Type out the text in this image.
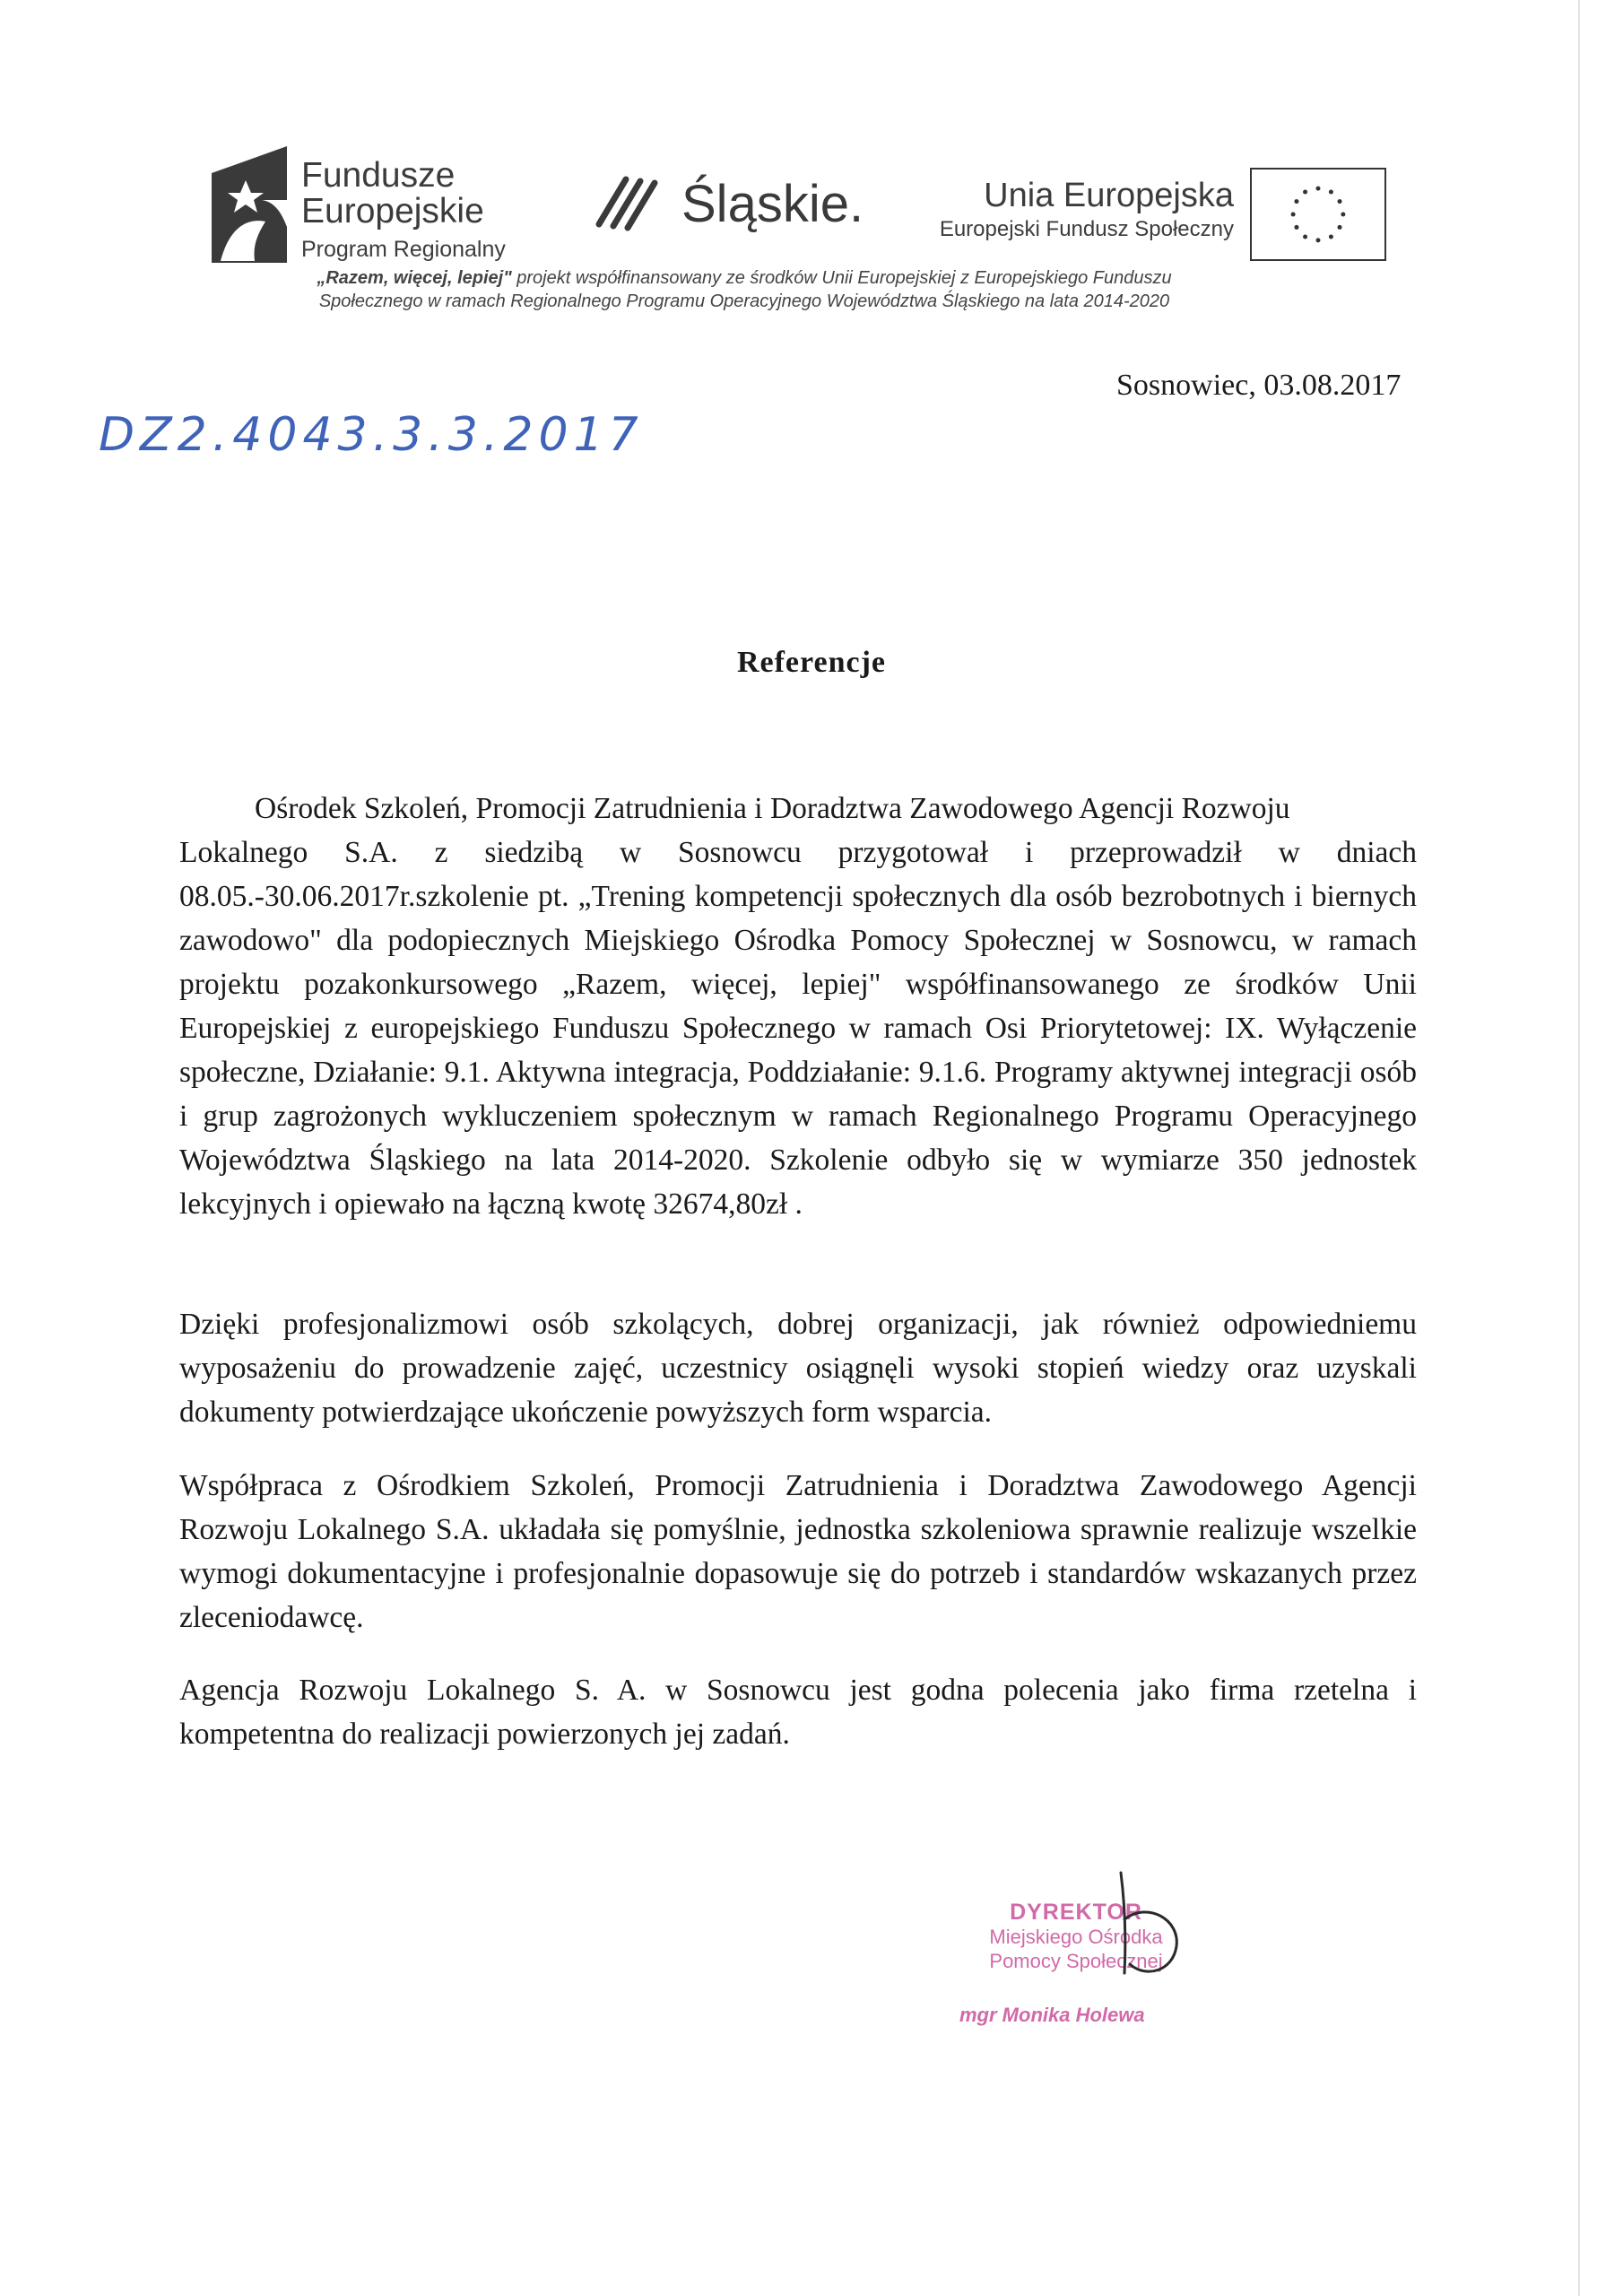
Fundusze
Europejskie
Program Regionalny
Śląskie.	Unia Europejska
Europejski Fundusz Społeczny
„Razem, więcej, lepiej" projekt współfinansowany ze środków Unii Europejskiej z Europejskiego Funduszu
Społecznego w ramach Regionalnego Programu Operacyjnego Województwa Śląskiego na lata 2014-2020
Sosnowiec, 03.08.2017
DZ2.4043.3.3.2017
Referencje

Ośrodek Szkoleń, Promocji Zatrudnienia i Doradztwa Zawodowego Agencji Rozwoju

Lokalnego S.A. z siedzibą w Sosnowcu przygotował i przeprowadził w dniach 08.05.-30.06.2017r.szkolenie pt. „Trening kompetencji społecznych dla osób bezrobotnych i biernych zawodowo" dla podopiecznych Miejskiego Ośrodka Pomocy Społecznej w Sosnowcu, w ramach projektu pozakonkursowego „Razem, więcej, lepiej" współfinansowanego ze środków Unii Europejskiej z europejskiego Funduszu Społecznego w ramach Osi Priorytetowej: IX. Wyłączenie społeczne, Działanie: 9.1. Aktywna integracja, Poddziałanie: 9.1.6. Programy aktywnej integracji osób i grup zagrożonych wykluczeniem społecznym w ramach Regionalnego Programu Operacyjnego Województwa Śląskiego na lata 2014-2020. Szkolenie odbyło się w wymiarze 350 jednostek lekcyjnych i opiewało na łączną kwotę 32674,80zł .

Dzięki profesjonalizmowi osób szkolących, dobrej organizacji, jak również odpowiedniemu wyposażeniu do prowadzenie zajęć, uczestnicy osiągnęli wysoki stopień wiedzy oraz uzyskali dokumenty potwierdzające ukończenie powyższych form wsparcia.

Współpraca z Ośrodkiem Szkoleń, Promocji Zatrudnienia i Doradztwa Zawodowego Agencji Rozwoju Lokalnego S.A. układała się pomyślnie, jednostka szkoleniowa sprawnie realizuje wszelkie wymogi dokumentacyjne i profesjonalnie dopasowuje się do potrzeb i standardów wskazanych przez zleceniodawcę.

Agencja Rozwoju Lokalnego S. A. w Sosnowcu jest godna polecenia jako firma rzetelna i kompetentna do realizacji powierzonych jej zadań.

DYREKTOR
Miejskiego Ośrodka
Pomocy Społecznej
mgr Monika Holewa
